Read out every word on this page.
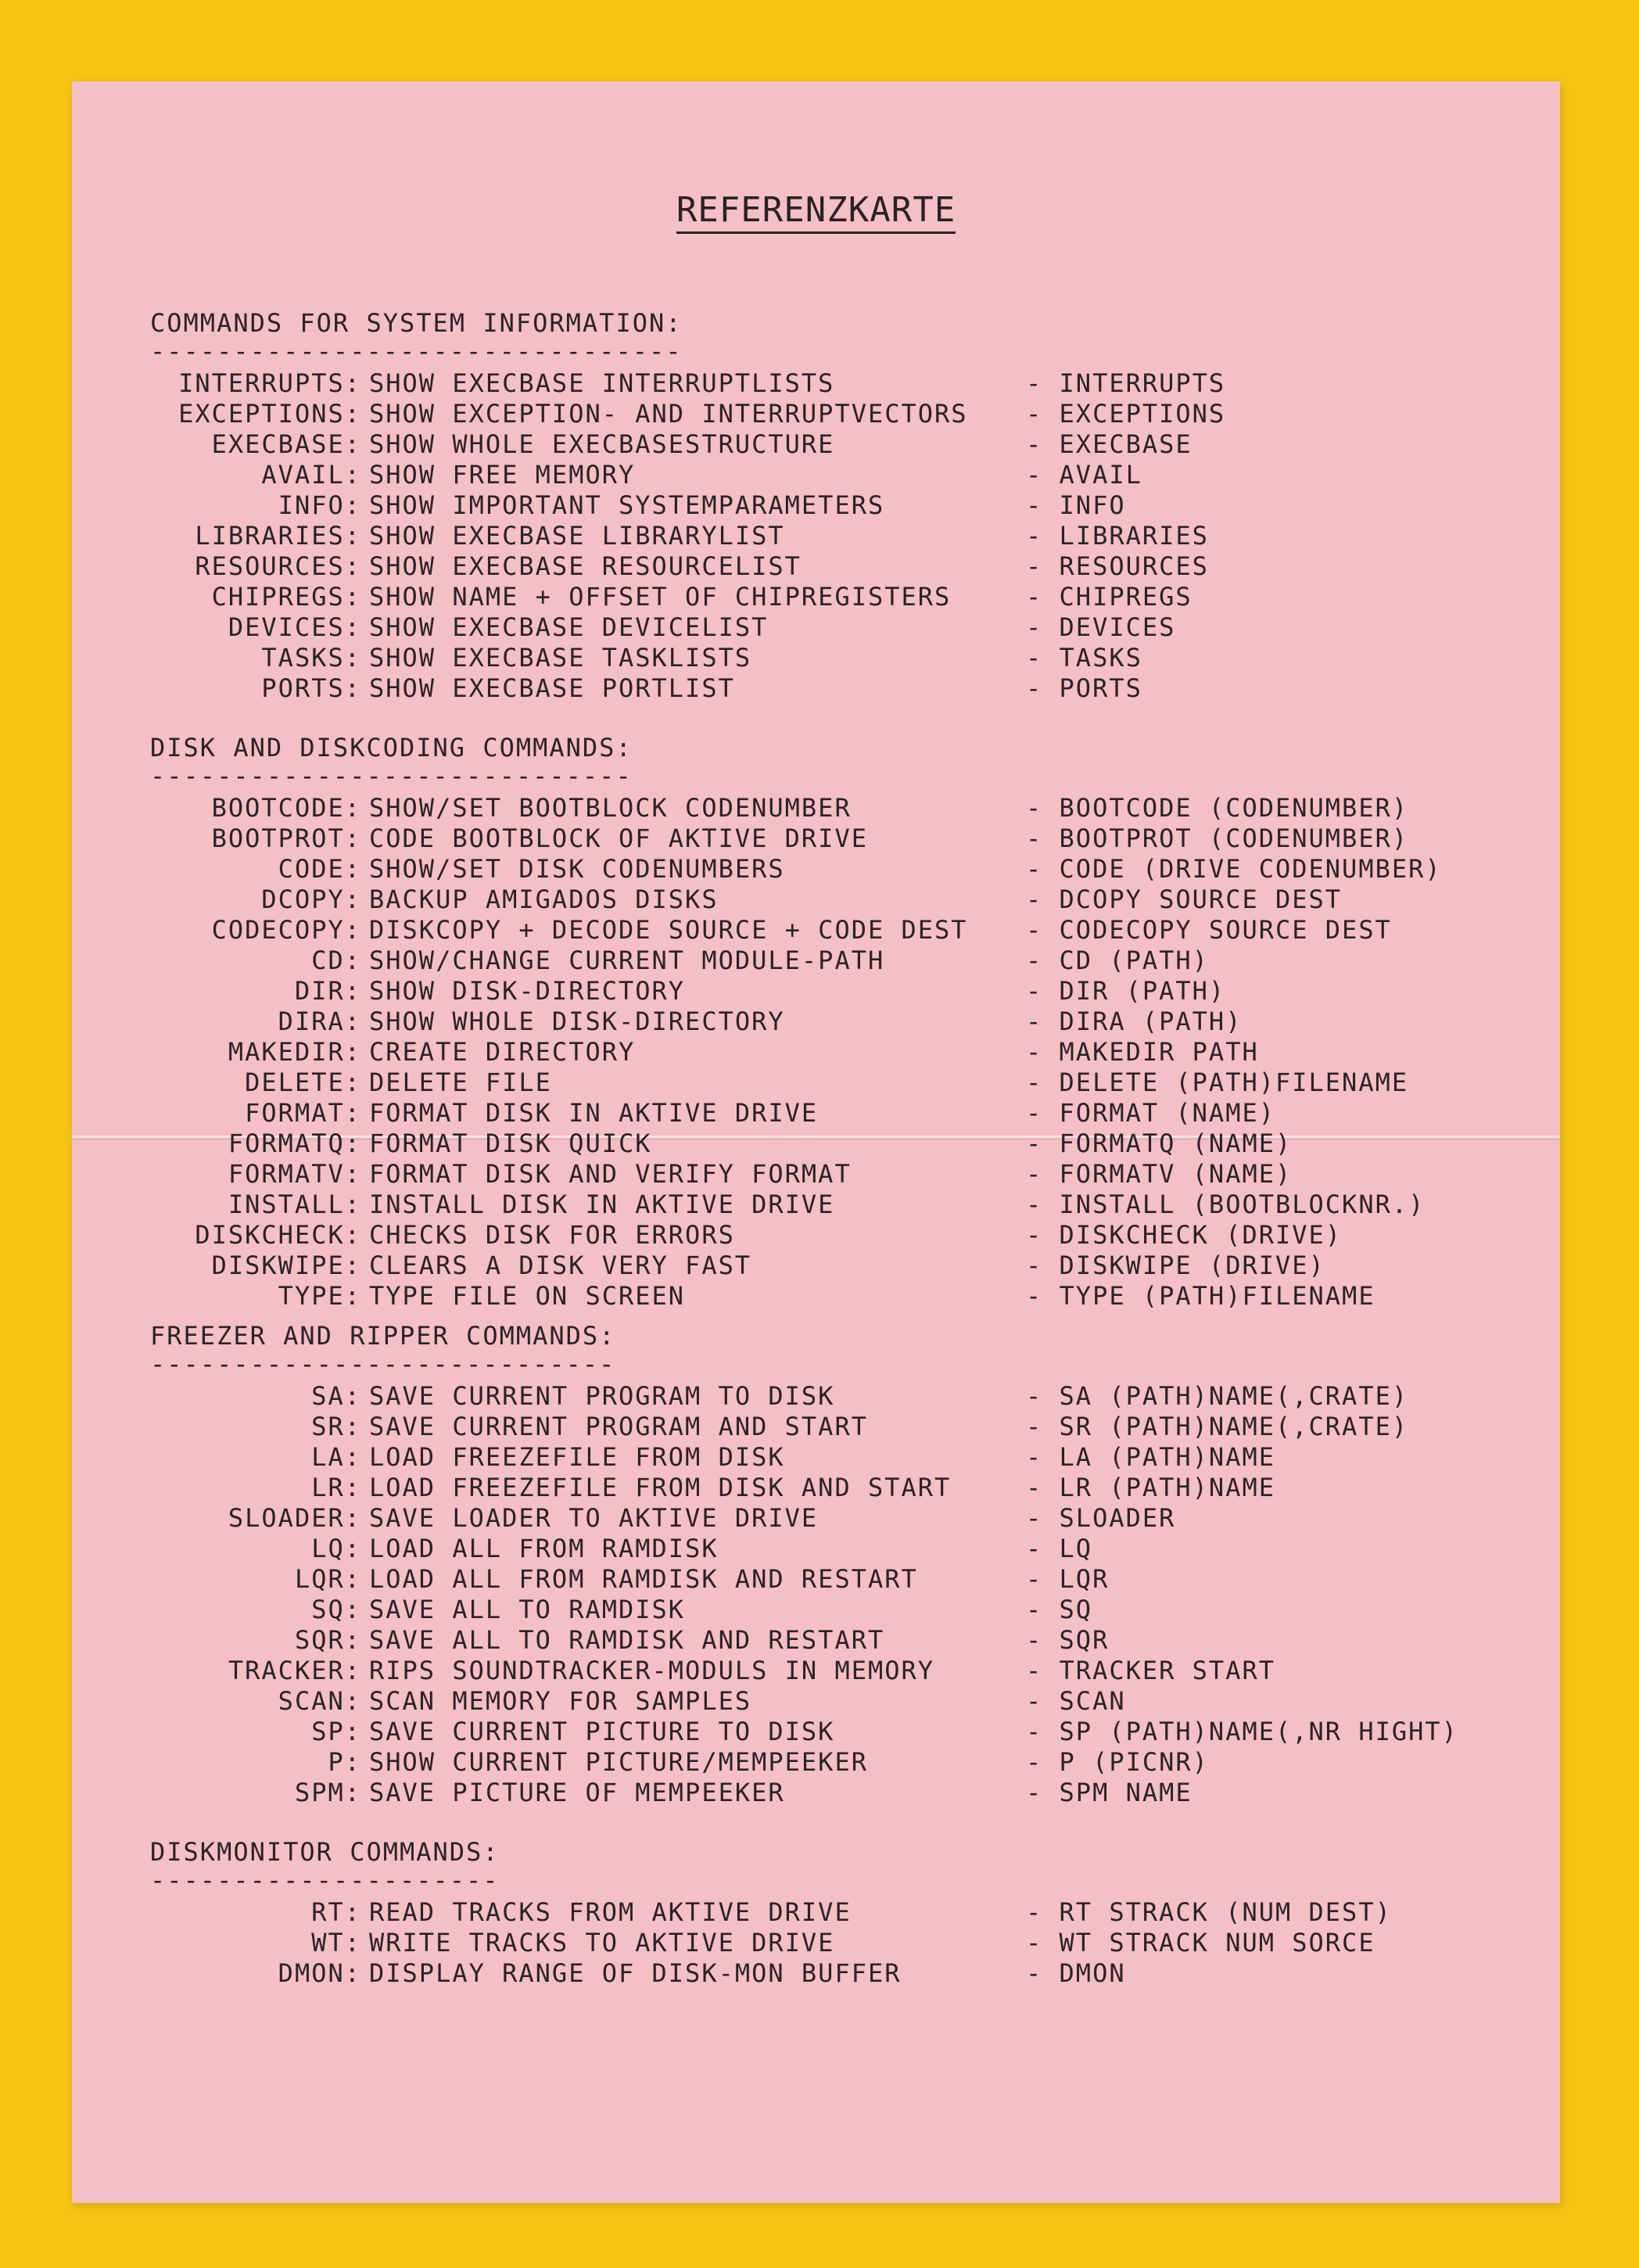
REFERENZKARTE
COMMANDS FOR SYSTEM INFORMATION:
--------------------------------
INTERRUPTS: SHOW EXECBASE INTERRUPTLISTS	- INTERRUPTS
EXCEPTIONS: SHOW EXCEPTION- AND INTERRUPTVECTORS - EXCEPTIONS
EXECBASE: SHOW WHOLE EXECBASESTRUCTURE	- EXECBASE
AVAIL: SHOW FREE MEMORY	- AVAIL
INFO: SHOW IMPORTANT SYSTEMPARAMETERS	- INFO
LIBRARIES: SHOW EXECBASE LIBRARYLIST	- LIBRARIES
RESOURCES: SHOW EXECBASE RESOURCELIST	- RESOURCES
CHIPREGS: SHOW NAME + OFFSET OF CHIPREGISTERS	- CHIPREGS
DEVICES: SHOW EXECBASE DEVICELIST	- DEVICES
TASKS: SHOW EXECBASE TASKLISTS	- TASKS
PORTS: SHOW EXECBASE PORTLIST	- PORTS
DISK AND DISKCODING COMMANDS:
-----------------------------
BOOTCODE: SHOW/SET BOOTBLOCK CODENUMBER	- BOOTCODE (CODENUMBER)
BOOTPROT: CODE BOOTBLOCK OF AKTIVE DRIVE	- BOOTPROT (CODENUMBER)
CODE: SHOW/SET DISK CODENUMBERS	- CODE (DRIVE CODENUMBER)
DCOPY: BACKUP AMIGADOS DISKS	- DCOPY SOURCE DEST
CODECOPY: DISKCOPY + DECODE SOURCE + CODE DEST - CODECOPY SOURCE DEST
CD: SHOW/CHANGE CURRENT MODULE-PATH	- CD (PATH)
DIR: SHOW DISK-DIRECTORY	- DIR (PATH)
DIRA: SHOW WHOLE DISK-DIRECTORY	- DIRA (PATH)
MAKEDIR: CREATE DIRECTORY	- MAKEDIR PATH
DELETE: DELETE FILE	- DELETE (PATH)FILENAME
FORMAT: FORMAT DISK IN AKTIVE DRIVE	- FORMAT (NAME)
FORMATQ: FORMAT DISK QUICK	- FORMATQ (NAME)
FORMATV: FORMAT DISK AND VERIFY FORMAT	- FORMATV (NAME)
INSTALL: INSTALL DISK IN AKTIVE DRIVE	- INSTALL (BOOTBLOCKNR.)
DISKCHECK: CHECKS DISK FOR ERRORS	- DISKCHECK (DRIVE)
DISKWIPE: CLEARS A DISK VERY FAST	- DISKWIPE (DRIVE)
TYPE: TYPE FILE ON SCREEN	- TYPE (PATH)FILENAME
FREEZER AND RIPPER COMMANDS:
----------------------------
SA: SAVE CURRENT PROGRAM TO DISK	- SA (PATH)NAME(,CRATE)
SR: SAVE CURRENT PROGRAM AND START	- SR (PATH)NAME(,CRATE)
LA: LOAD FREEZEFILE FROM DISK	- LA (PATH)NAME
LR: LOAD FREEZEFILE FROM DISK AND START	- LR (PATH)NAME
SLOADER: SAVE LOADER TO AKTIVE DRIVE	- SLOADER
LQ: LOAD ALL FROM RAMDISK	- LQ
LQR: LOAD ALL FROM RAMDISK AND RESTART	- LQR
SQ: SAVE ALL TO RAMDISK	- SQ
SQR: SAVE ALL TO RAMDISK AND RESTART	- SQR
TRACKER: RIPS SOUNDTRACKER-MODULS IN MEMORY	- TRACKER START
SCAN: SCAN MEMORY FOR SAMPLES	- SCAN
SP: SAVE CURRENT PICTURE TO DISK	- SP (PATH)NAME(,NR HIGHT)
P: SHOW CURRENT PICTURE/MEMPEEKER	- P (PICNR)
SPM: SAVE PICTURE OF MEMPEEKER	- SPM NAME
DISKMONITOR COMMANDS:
---------------------
RT: READ TRACKS FROM AKTIVE DRIVE	- RT STRACK (NUM DEST)
WT: WRITE TRACKS TO AKTIVE DRIVE	- WT STRACK NUM SORCE
DMON: DISPLAY RANGE OF DISK-MON BUFFER	- DMON
